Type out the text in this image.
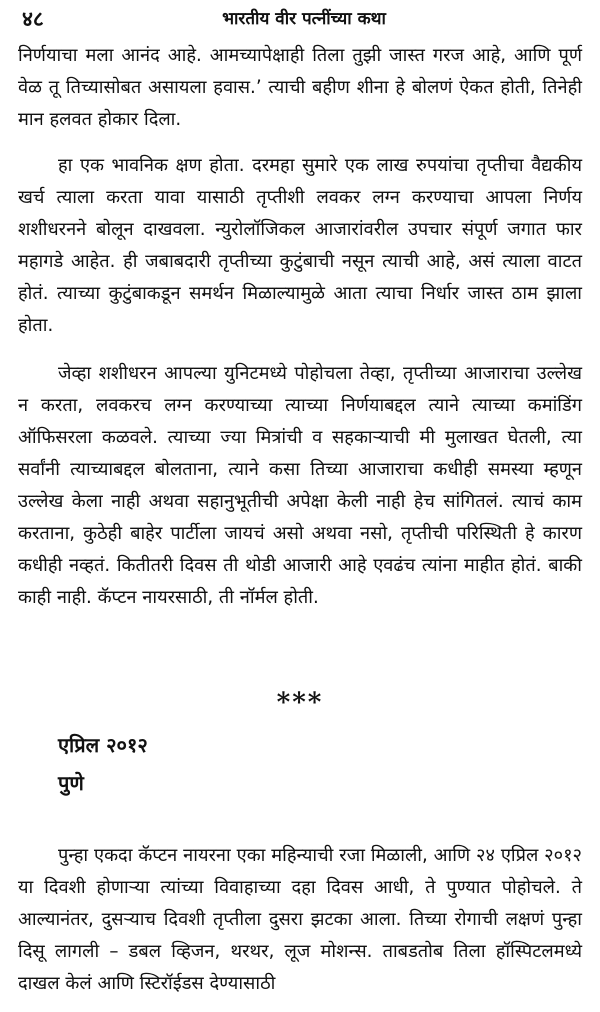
४८	भारतीय वीर पत्नींच्या कथा

निर्णयाचा मला आनंद आहे. आमच्यापेक्षाही तिला तुझी जास्त गरज आहे, आणि पूर्ण वेळ तू तिच्यासोबत असायला हवास.’ त्याची बहीण शीना हे बोलणं ऐकत होती, तिनेही मान हलवत होकार दिला.

हा एक भावनिक क्षण होता. दरमहा सुमारे एक लाख रुपयांचा तृप्तीचा वैद्यकीय खर्च त्याला करता यावा यासाठी तृप्तीशी लवकर लग्न करण्याचा आपला निर्णय शशीधरनने बोलून दाखवला. न्युरोलॉजिकल आजारांवरील उपचार संपूर्ण जगात फार महागडे आहेत. ही जबाबदारी तृप्तीच्या कुटुंबाची नसून त्याची आहे, असं त्याला वाटत होतं. त्याच्या कुटुंबाकडून समर्थन मिळाल्यामुळे आता त्याचा निर्धार जास्त ठाम झाला होता.

जेव्हा शशीधरन आपल्या युनिटमध्ये पोहोचला तेव्हा, तृप्तीच्या आजाराचा उल्लेख न करता, लवकरच लग्न करण्याच्या त्याच्या निर्णयाबद्दल त्याने त्याच्या कमांडिंग ऑफिसरला कळवले. त्याच्या ज्या मित्रांची व सहकाऱ्याची मी मुलाखत घेतली, त्या सर्वांनी त्याच्याबद्दल बोलताना, त्याने कसा तिच्या आजाराचा कधीही समस्या म्हणून उल्लेख केला नाही अथवा सहानुभूतीची अपेक्षा केली नाही हेच सांगितलं. त्याचं काम करताना, कुठेही बाहेर पार्टीला जायचं असो अथवा नसो, तृप्तीची परिस्थिती हे कारण कधीही नव्हतं. कितीतरी दिवस ती थोडी आजारी आहे एवढंच त्यांना माहीत होतं. बाकी काही नाही. कॅप्टन नायरसाठी, ती नॉर्मल होती.

***
एप्रिल २०१२
पुणे

पुन्हा एकदा कॅप्टन नायरना एका महिन्याची रजा मिळाली, आणि २४ एप्रिल २०१२ या दिवशी होणाऱ्या त्यांच्या विवाहाच्या दहा दिवस आधी, ते पुण्यात पोहोचले. ते आल्यानंतर, दुसऱ्याच दिवशी तृप्तीला दुसरा झटका आला. तिच्या रोगाची लक्षणं पुन्हा दिसू लागली – डबल व्हिजन, थरथर, लूज मोशन्स. ताबडतोब तिला हॉस्पिटलमध्ये दाखल केलं आणि स्टिरॉईडस देण्यासाठी
